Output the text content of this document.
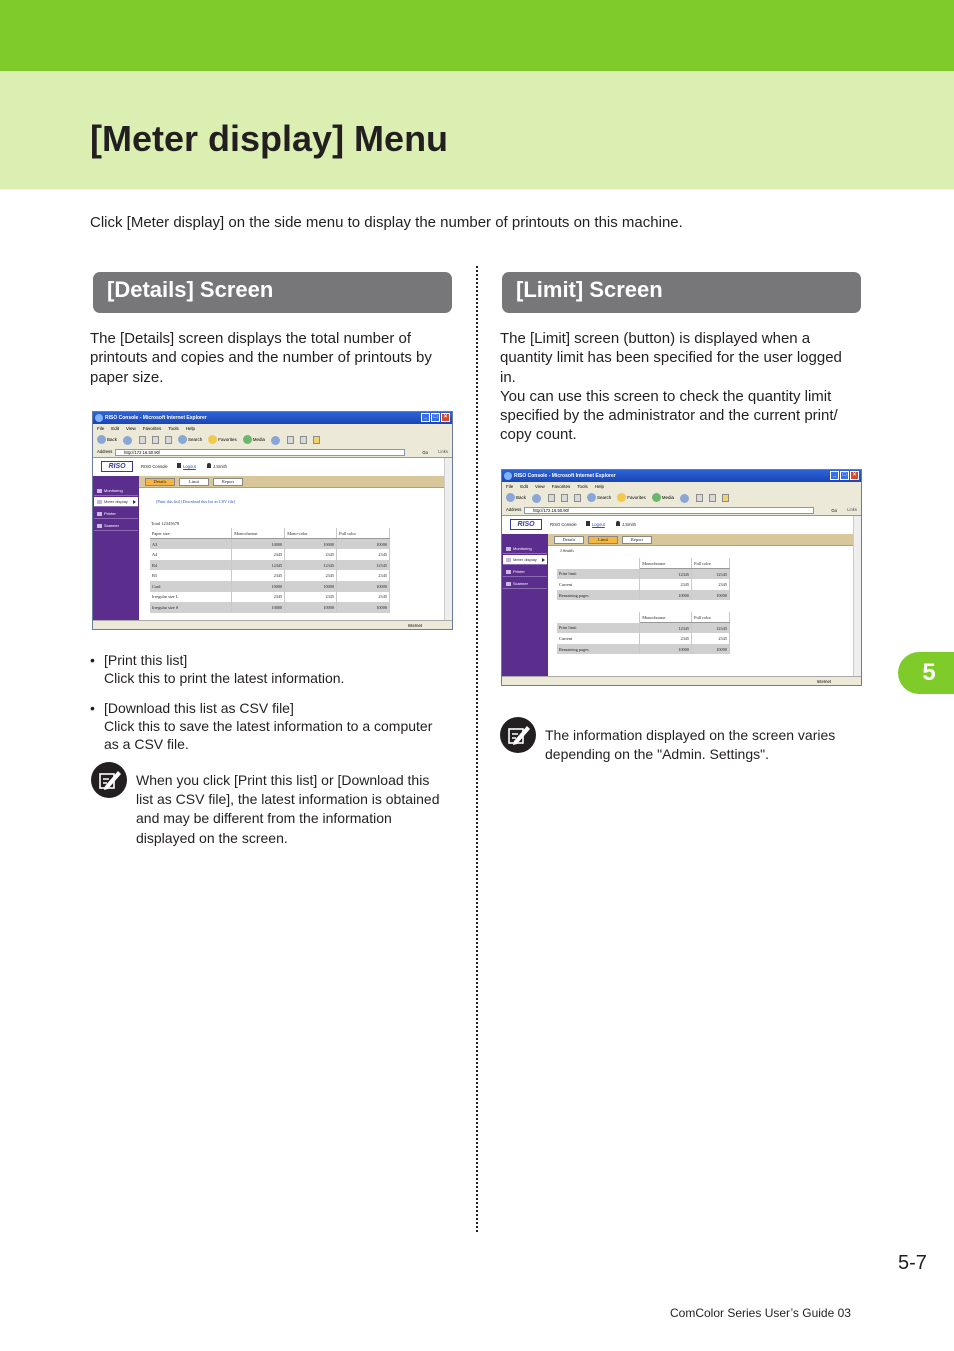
[Meter display] Menu
Click [Meter display] on the side menu to display the number of printouts on this machine.
[Details] Screen

The [Details] screen displays the total number of

printouts and copies and the number of printouts by

paper size.

RISO Console - Microsoft Internet Explorer	_	□	×
File Edit View Favorites Tools Help
Back	Search	Favorites	Media
Address	http://172.16.50.90/	Go Links
RISO	RISO Console	Logout	J.Smith
Monitoring
Meter display
Printer
Scanner
Details	Limit	Report
[Print this list] [Download this list as CSV file]
Total 12345678
Paper size	Monochrome	Mono-color	Full color
A3	10000	10000	10000
A4	2345	2345	2345
B4	12345	12345	12345
B5	2345	2345	2345
Card	10000	10000	10000
Irregular size L	2345	2345	2345
Irregular size S	10000	10000	10000
Internet
• [Print this list]
Click this to print the latest information.
• [Download this list as CSV file]
Click this to save the latest information to a computer
as a CSV file.
When you click [Print this list] or [Download this
list as CSV file], the latest information is obtained
and may be different from the information
displayed on the screen.
[Limit] Screen

The [Limit] screen (button) is displayed when a

quantity limit has been specified for the user logged

in.

You can use this screen to check the quantity limit

specified by the administrator and the current print/

copy count.

RISO Console - Microsoft Internet Explorer	_	□	×
File Edit View Favorites Tools Help
Back	Search	Favorites	Media
Address	http://172.16.50.90/	Go Links
RISO	RISO Console	Logout	J.Smith
Monitoring
Meter display
Printer
Scanner
Details	Limit	Report
J.Smith
	Monochrome	Full color
Print limit	12345	12345
Current	2345	2345
Remaining pages	10000	10000
	Monochrome	Full color
Print limit	12345	12345
Current	2345	2345
Remaining pages	10000	10000
Internet
The information displayed on the screen varies
depending on the "Admin. Settings".
5
5-7
ComColor Series User’s Guide 03
